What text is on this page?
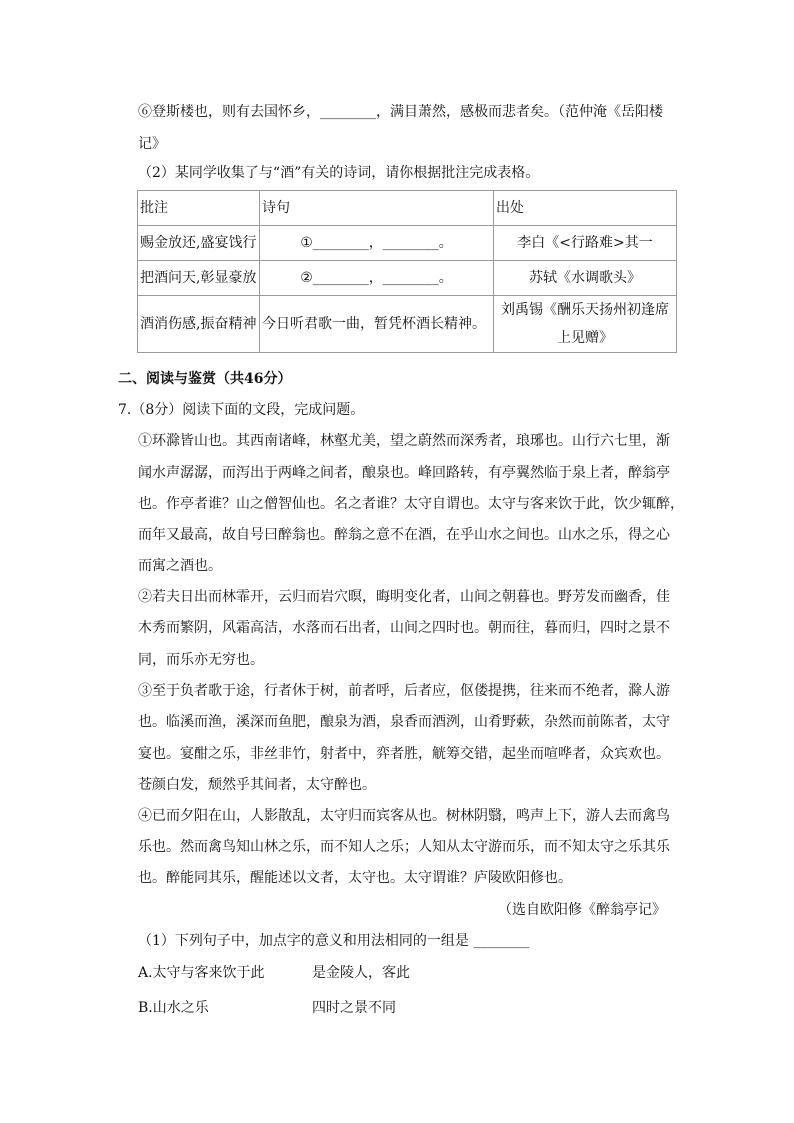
⑥登斯楼也，则有去国怀乡，________，满目萧然，感极而悲者矣。（范仲淹《岳阳楼
记》
（2）某同学收集了与“酒”有关的诗词，请你根据批注完成表格。
批注	诗句	出处
赐金放还,盛宴饯行	①________，________。	李白《<行路难>其一
把酒问天,彰显豪放	②________，________。	苏轼《水调歌头》
酒消伤感,振奋精神	今日听君歌一曲，暂凭杯酒长精神。	刘禹锡《酬乐天扬州初逢席上见赠》
二、阅读与鉴赏（共46分）
7.（8分）阅读下面的文段，完成问题。
①环滁皆山也。其西南诸峰，林壑尤美，望之蔚然而深秀者，琅琊也。山行六七里，渐
闻水声潺潺，而泻出于两峰之间者，酿泉也。峰回路转，有亭翼然临于泉上者，醉翁亭
也。作亭者谁？山之僧智仙也。名之者谁？太守自谓也。太守与客来饮于此，饮少辄醉，
而年又最高，故自号曰醉翁也。醉翁之意不在酒，在乎山水之间也。山水之乐，得之心
而寓之酒也。
②若夫日出而林霏开，云归而岩穴暝，晦明变化者，山间之朝暮也。野芳发而幽香，佳
木秀而繁阴，风霜高洁，水落而石出者，山间之四时也。朝而往，暮而归，四时之景不
同，而乐亦无穷也。
③至于负者歌于途，行者休于树，前者呼，后者应，伛偻提携，往来而不绝者，滁人游
也。临溪而渔，溪深而鱼肥，酿泉为酒，泉香而酒洌，山肴野蔌，杂然而前陈者，太守
宴也。宴酣之乐，非丝非竹，射者中，弈者胜，觥筹交错，起坐而喧哗者，众宾欢也。
苍颜白发，颓然乎其间者，太守醉也。
④已而夕阳在山，人影散乱，太守归而宾客从也。树林阴翳，鸣声上下，游人去而禽鸟
乐也。然而禽鸟知山林之乐，而不知人之乐；人知从太守游而乐，而不知太守之乐其乐
也。醉能同其乐，醒能述以文者，太守也。太守谓谁？庐陵欧阳修也。
（选自欧阳修《醉翁亭记》
（1）下列句子中，加点字的意义和用法相同的一组是 ________
A.太守与客来饮于此	是金陵人，客此
B.山水之乐	四时之景不同
